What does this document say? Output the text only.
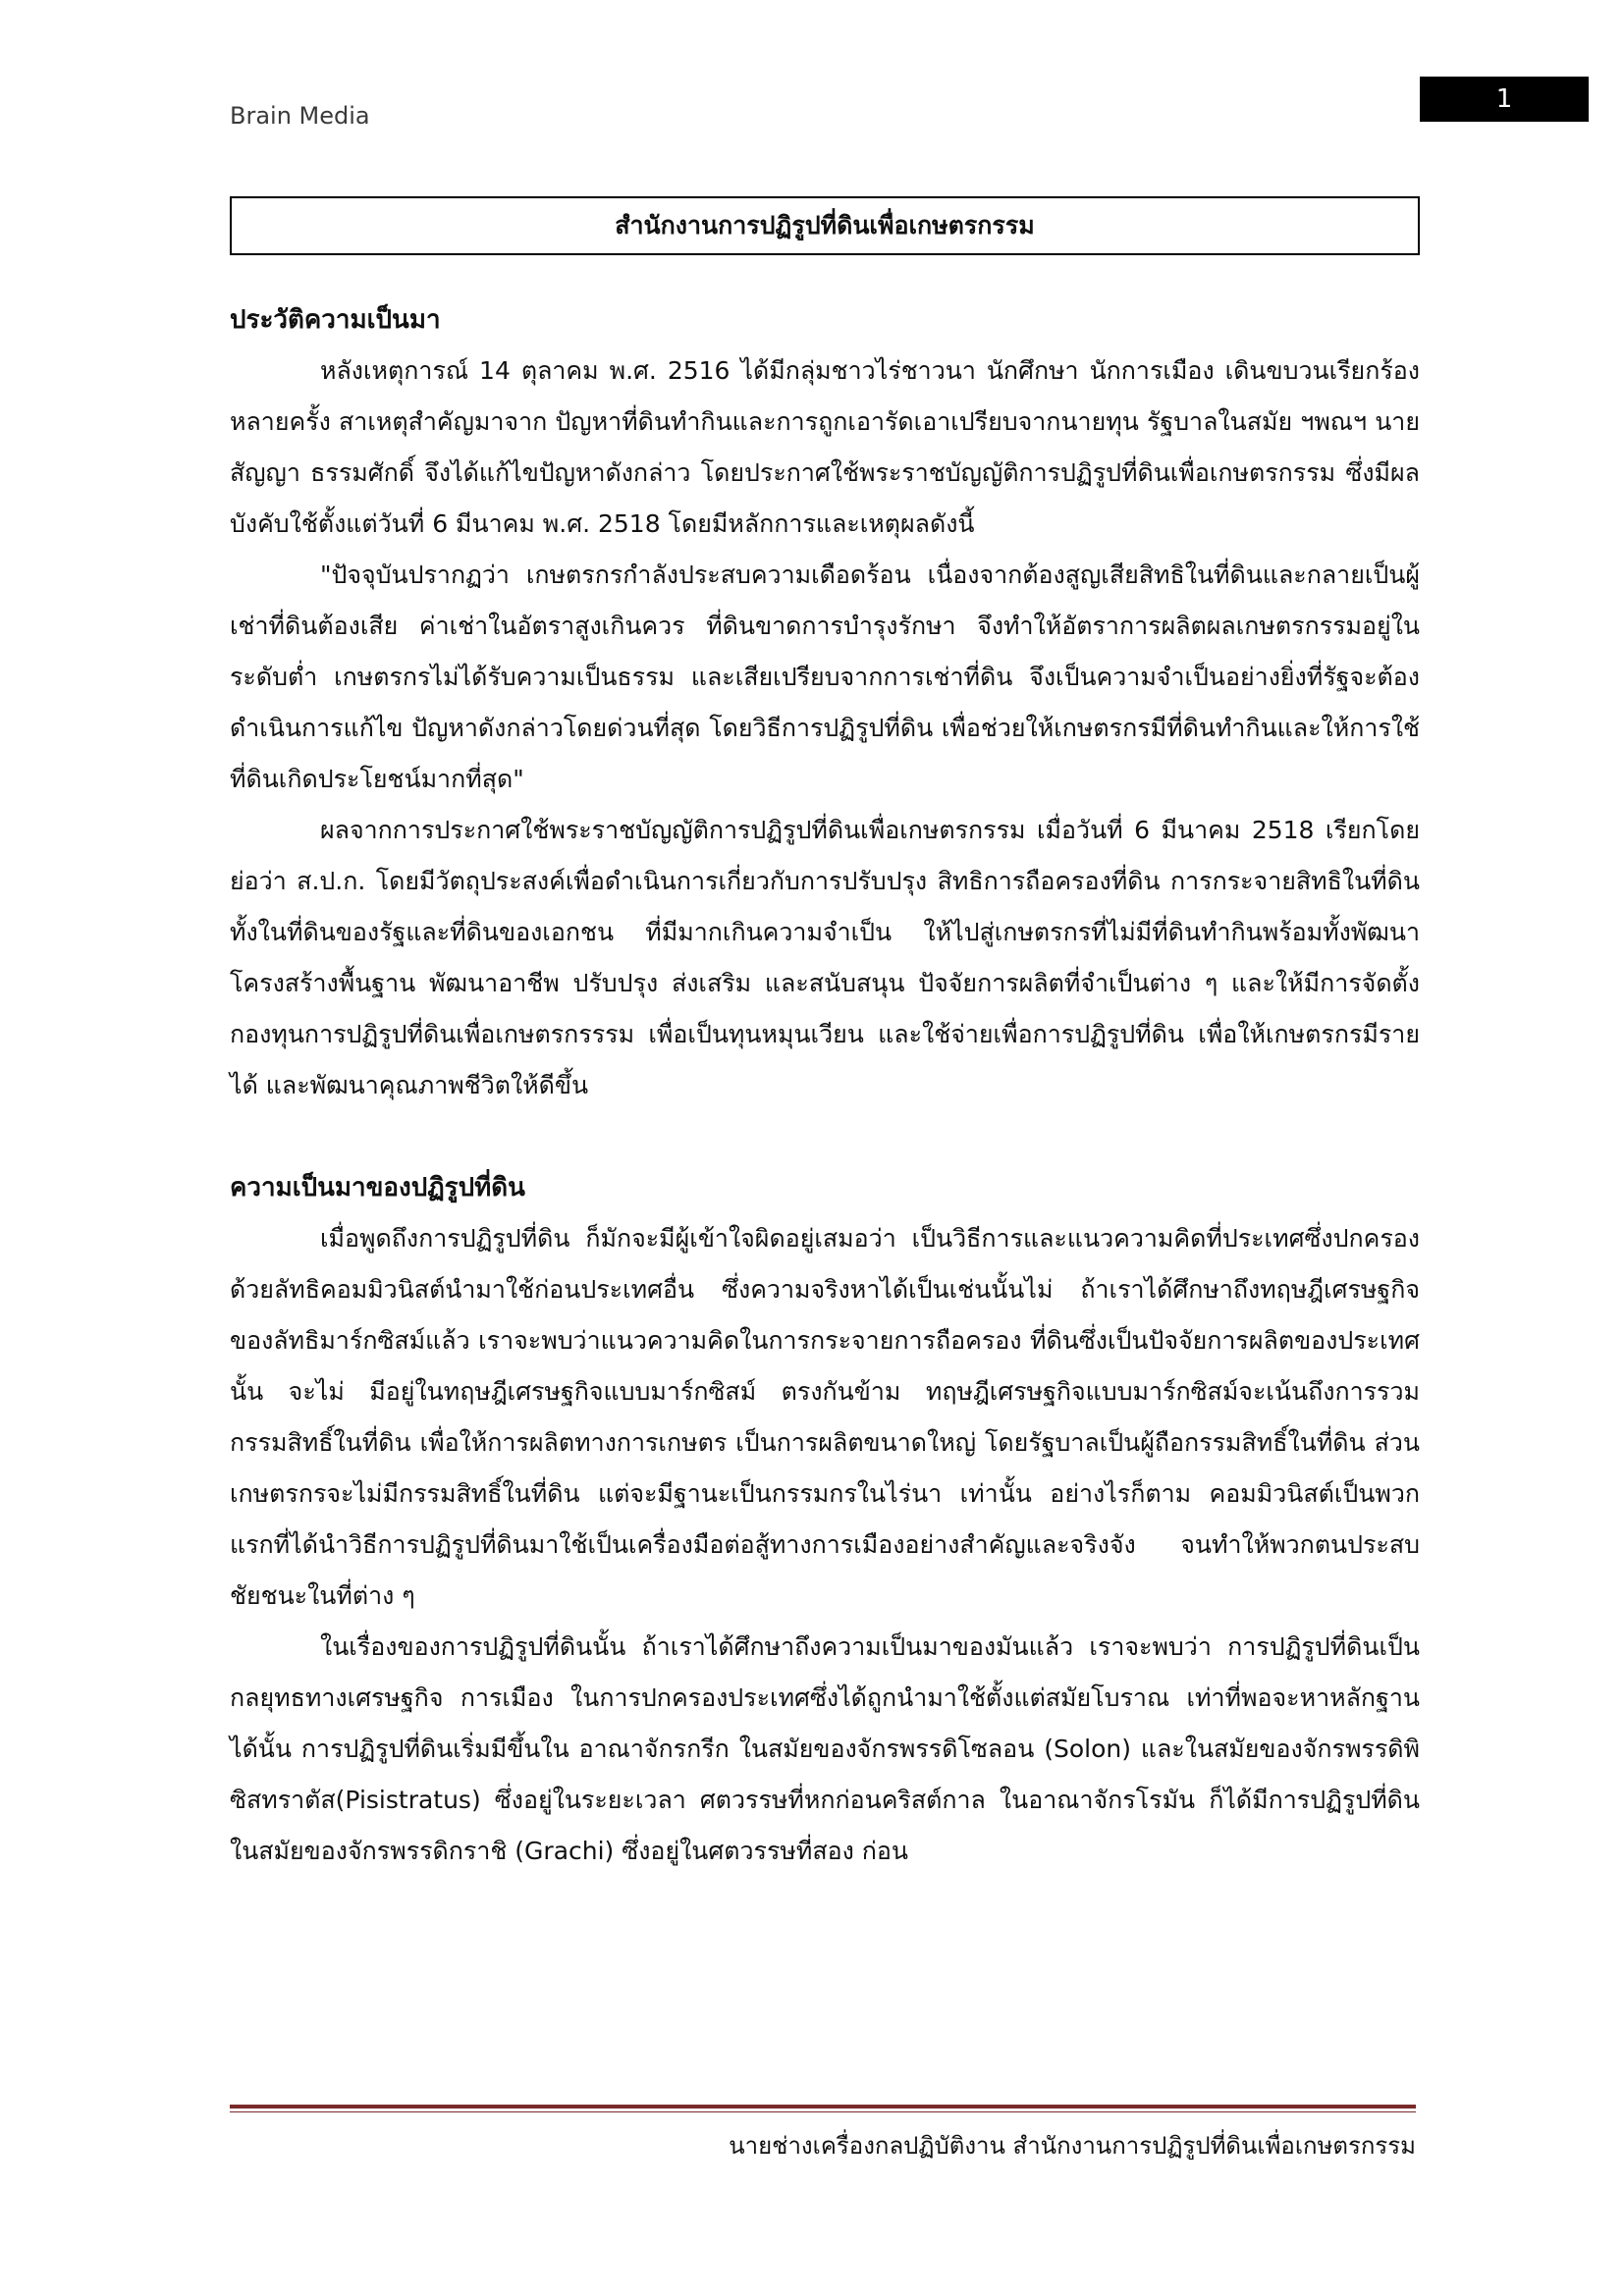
Brain Media
1
สำนักงานการปฏิรูปที่ดินเพื่อเกษตรกรรม
ประวัติความเป็นมา

หลังเหตุการณ์ 14 ตุลาคม พ.ศ. 2516 ได้มีกลุ่มชาวไร่ชาวนา นักศึกษา นักการเมือง เดินขบวนเรียกร้องหลายครั้ง สาเหตุสำคัญมาจาก ปัญหาที่ดินทำกินและการถูกเอารัดเอาเปรียบจากนายทุน รัฐบาลในสมัย ฯพณฯ นายสัญญา ธรรมศักดิ์ จึงได้แก้ไขปัญหาดังกล่าว โดยประกาศใช้พระราชบัญญัติการปฏิรูปที่ดินเพื่อเกษตรกรรม ซึ่งมีผลบังคับใช้ตั้งแต่วันที่ 6 มีนาคม พ.ศ. 2518 โดยมีหลักการและเหตุผลดังนี้

"ปัจจุบันปรากฏว่า เกษตรกรกำลังประสบความเดือดร้อน เนื่องจากต้องสูญเสียสิทธิในที่ดินและกลายเป็นผู้เช่าที่ดินต้องเสีย ค่าเช่าในอัตราสูงเกินควร ที่ดินขาดการบำรุงรักษา จึงทำให้อัตราการผลิตผลเกษตรกรรมอยู่ในระดับต่ำ เกษตรกรไม่ได้รับความเป็นธรรม และเสียเปรียบจากการเช่าที่ดิน จึงเป็นความจำเป็นอย่างยิ่งที่รัฐจะต้องดำเนินการแก้ไข ปัญหาดังกล่าวโดยด่วนที่สุด โดยวิธีการปฏิรูปที่ดิน เพื่อช่วยให้เกษตรกรมีที่ดินทำกินและให้การใช้ที่ดินเกิดประโยชน์มากที่สุด"

ผลจากการประกาศใช้พระราชบัญญัติการปฏิรูปที่ดินเพื่อเกษตรกรรม เมื่อวันที่ 6 มีนาคม 2518 เรียกโดยย่อว่า ส.ป.ก. โดยมีวัตถุประสงค์เพื่อดำเนินการเกี่ยวกับการปรับปรุง สิทธิการถือครองที่ดิน การกระจายสิทธิในที่ดิน ทั้งในที่ดินของรัฐและที่ดินของเอกชน ที่มีมากเกินความจำเป็น ให้ไปสู่เกษตรกรที่ไม่มีที่ดินทำกินพร้อมทั้งพัฒนาโครงสร้างพื้นฐาน พัฒนาอาชีพ ปรับปรุง ส่งเสริม และสนับสนุน ปัจจัยการผลิตที่จำเป็นต่าง ๆ และให้มีการจัดตั้งกองทุนการปฏิรูปที่ดินเพื่อเกษตรกรรรม เพื่อเป็นทุนหมุนเวียน และใช้จ่ายเพื่อการปฏิรูปที่ดิน เพื่อให้เกษตรกรมีรายได้ และพัฒนาคุณภาพชีวิตให้ดีขึ้น

ความเป็นมาของปฏิรูปที่ดิน

เมื่อพูดถึงการปฏิรูปที่ดิน ก็มักจะมีผู้เข้าใจผิดอยู่เสมอว่า เป็นวิธีการและแนวความคิดที่ประเทศซึ่งปกครองด้วยลัทธิคอมมิวนิสต์นำมาใช้ก่อนประเทศอื่น ซึ่งความจริงหาได้เป็นเช่นนั้นไม่ ถ้าเราได้ศึกษาถึงทฤษฎีเศรษฐกิจ ของลัทธิมาร์กซิสม์แล้ว เราจะพบว่าแนวความคิดในการกระจายการถือครอง ที่ดินซึ่งเป็นปัจจัยการผลิตของประเทศนั้น จะไม่ มีอยู่ในทฤษฎีเศรษฐกิจแบบมาร์กซิสม์ ตรงกันข้าม ทฤษฎีเศรษฐกิจแบบมาร์กซิสม์จะเน้นถึงการรวมกรรมสิทธิ์ในที่ดิน เพื่อให้การผลิตทางการเกษตร เป็นการผลิตขนาดใหญ่ โดยรัฐบาลเป็นผู้ถือกรรมสิทธิ์ในที่ดิน ส่วนเกษตรกรจะไม่มีกรรมสิทธิ์ในที่ดิน แต่จะมีฐานะเป็นกรรมกรในไร่นา เท่านั้น อย่างไรก็ตาม คอมมิวนิสต์เป็นพวกแรกที่ได้นำวิธีการปฏิรูปที่ดินมาใช้เป็นเครื่องมือต่อสู้ทางการเมืองอย่างสำคัญและจริงจัง จนทำให้พวกตนประสบชัยชนะในที่ต่าง ๆ

ในเรื่องของการปฏิรูปที่ดินนั้น ถ้าเราได้ศึกษาถึงความเป็นมาของมันแล้ว เราจะพบว่า การปฏิรูปที่ดินเป็นกลยุทธทางเศรษฐกิจ การเมือง ในการปกครองประเทศซึ่งได้ถูกนำมาใช้ตั้งแต่สมัยโบราณ เท่าที่พอจะหาหลักฐานได้นั้น การปฏิรูปที่ดินเริ่มมีขึ้นใน อาณาจักรกรีก ในสมัยของจักรพรรดิโซลอน (Solon) และในสมัยของจักรพรรดิพิซิสทราตัส(Pisistratus) ซึ่งอยู่ในระยะเวลา ศตวรรษที่หกก่อนคริสต์กาล ในอาณาจักรโรมัน ก็ได้มีการปฏิรูปที่ดินในสมัยของจักรพรรดิกราชิ (Grachi) ซึ่งอยู่ในศตวรรษที่สอง ก่อน

นายช่างเครื่องกลปฏิบัติงาน สำนักงานการปฏิรูปที่ดินเพื่อเกษตรกรรม
